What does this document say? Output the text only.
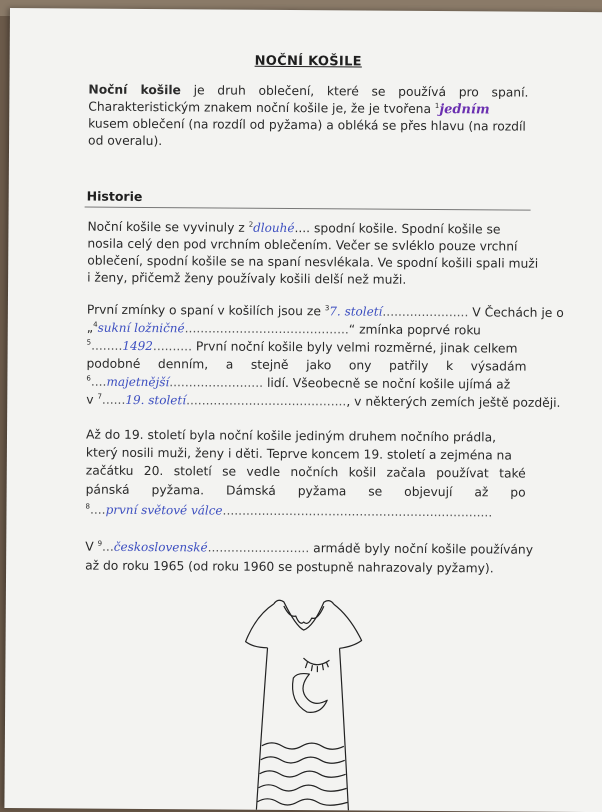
NOČNÍ KOŠILE
Noční košile je druh oblečení, které se používá pro spaní.
Charakteristickým znakem noční košile je, že je tvořena $^1$jedním
kusem oblečení (na rozdíl od pyžama) a obléká se přes hlavu (na rozdíl
od overalu).
Historie
Noční košile se vyvinuly z $^2$dlouhé.... spodní košile. Spodní košile se
nosila celý den pod vrchním oblečením. Večer se svléklo pouze vrchní
oblečení, spodní košile se na spaní nesvlékala. Ve spodní košili spali muži
i ženy, přičemž ženy používaly košili delší než muži.
První zmínky o spaní v košilích jsou ze $^3$7. století...................... V Čechách je o
„$^4$sukní ložničné..........................................“ zmínka poprvé roku
$^5$........1492.......... První noční košile byly velmi rozměrné, jinak celkem
podobné denním, a stejně jako ony patřily k výsadám
$^6$....majetnější........................ lidí. Všeobecně se noční košile ujímá až
v $^7$......19. století........................................., v některých zemích ještě později.
Až do 19. století byla noční košile jediným druhem nočního prádla,
který nosili muži, ženy i děti. Teprve koncem 19. století a zejména na
začátku 20. století se vedle nočních košil začala používat také
pánská pyžama. Dámská pyžama se objevují až po
$^8$....první světové válce.....................................................................
V $^9$...československé.......................... armádě byly noční košile používány
až do roku 1965 (od roku 1960 se postupně nahrazovaly pyžamy).
